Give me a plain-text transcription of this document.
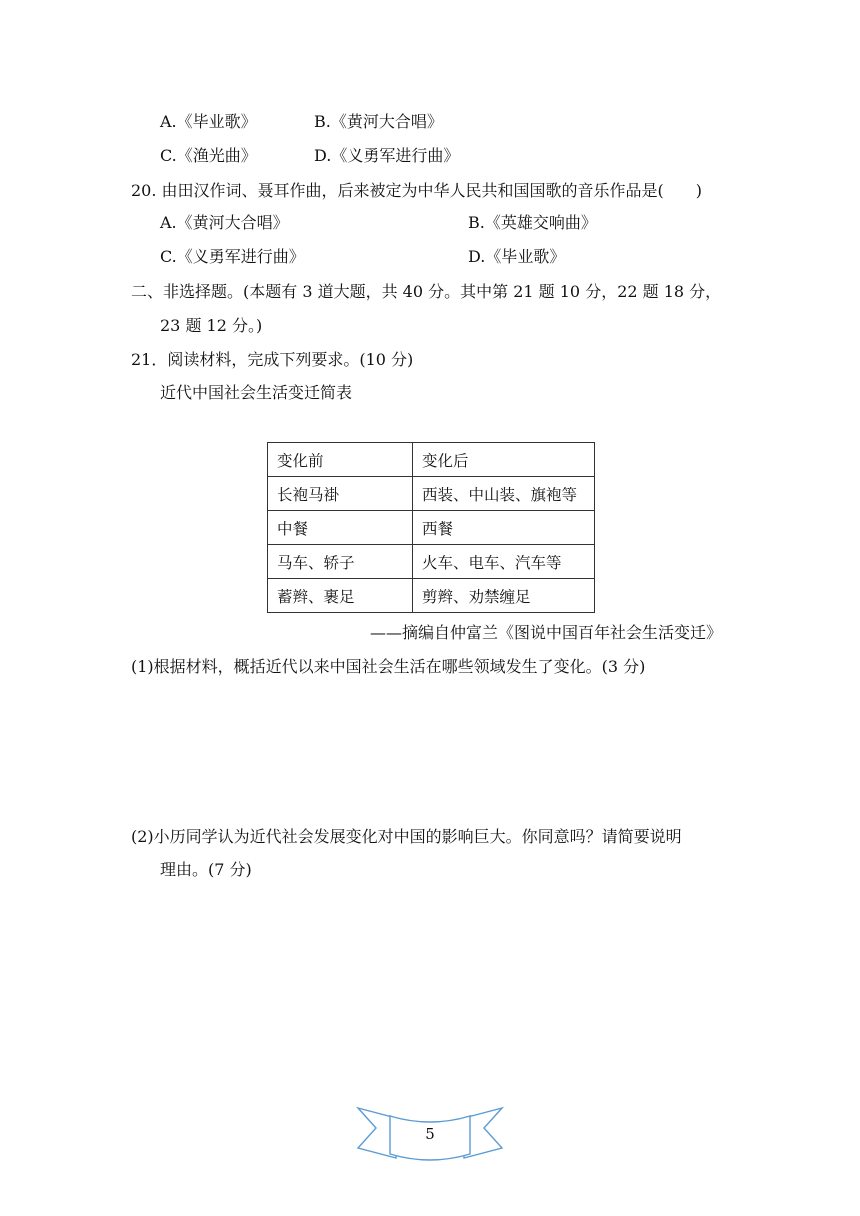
A.《毕业歌》	B.《黄河大合唱》
C.《渔光曲》	D.《义勇军进行曲》
20. 由田汉作词、聂耳作曲，后来被定为中华人民共和国国歌的音乐作品是(　　)
A.《黄河大合唱》	B.《英雄交响曲》
C.《义勇军进行曲》	D.《毕业歌》
二、非选择题。(本题有 3 道大题，共 40 分。其中第 21 题 10 分，22 题 18 分，
23 题 12 分。)
21．阅读材料，完成下列要求。(10 分)
近代中国社会生活变迁简表
变化前	变化后
长袍马褂	西装、中山装、旗袍等
中餐	西餐
马车、轿子	火车、电车、汽车等
蓄辫、裹足	剪辫、劝禁缠足
——摘编自仲富兰《图说中国百年社会生活变迁》
(1)根据材料，概括近代以来中国社会生活在哪些领域发生了变化。(3 分)
(2)小历同学认为近代社会发展变化对中国的影响巨大。你同意吗？请简要说明
理由。(7 分)
5
